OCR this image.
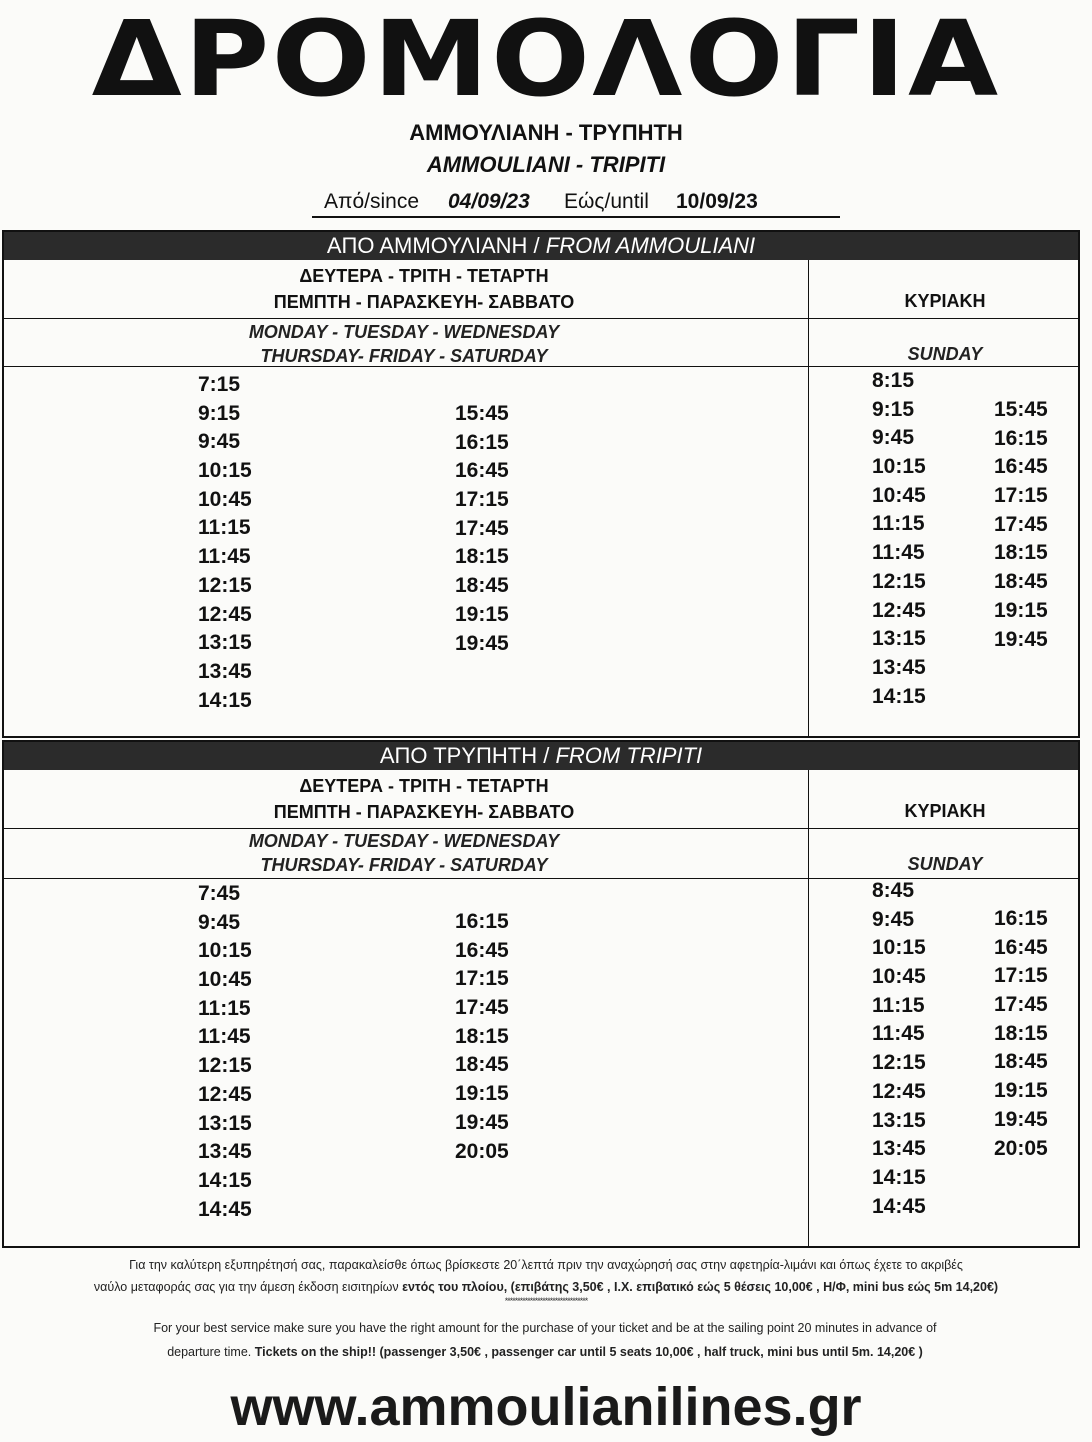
ΔΡΟΜΟΛΟΓΙΑ
ΑΜΜΟΥΛΙΑΝΗ - ΤΡΥΠΗΤΗ
AMMOULIANI - TRIPITI
Από/since 04/09/23 Εώς/until 10/09/23
ΑΠΟ ΑΜΜΟΥΛΙΑΝΗ / FROM AMMOULIANI
ΔΕΥΤΕΡΑ - ΤΡΙΤΗ - ΤΕΤΑΡΤΗ
ΠΕΜΠΤΗ - ΠΑΡΑΣΚΕΥΗ- ΣΑΒΒΑΤΟ
MONDAY - TUESDAY - WEDNESDAY
THURSDAY- FRIDAY - SATURDAY
ΚΥΡΙΑΚΗ
SUNDAY
7:15
9:15
9:45
10:15
10:45
11:15
11:45
12:15
12:45
13:15
13:45
14:15
15:45
16:15
16:45
17:15
17:45
18:15
18:45
19:15
19:45
8:15
9:15
9:45
10:15
10:45
11:15
11:45
12:15
12:45
13:15
13:45
14:15
15:45
16:15
16:45
17:15
17:45
18:15
18:45
19:15
19:45
ΑΠΟ ΤΡΥΠΗΤΗ / FROM TRIPITI
ΔΕΥΤΕΡΑ - ΤΡΙΤΗ - ΤΕΤΑΡΤΗ
ΠΕΜΠΤΗ - ΠΑΡΑΣΚΕΥΗ- ΣΑΒΒΑΤΟ
MONDAY - TUESDAY - WEDNESDAY
THURSDAY- FRIDAY - SATURDAY
ΚΥΡΙΑΚΗ
SUNDAY
7:45
9:45
10:15
10:45
11:15
11:45
12:15
12:45
13:15
13:45
14:15
14:45
16:15
16:45
17:15
17:45
18:15
18:45
19:15
19:45
20:05
8:45
9:45
10:15
10:45
11:15
11:45
12:15
12:45
13:15
13:45
14:15
14:45
16:15
16:45
17:15
17:45
18:15
18:45
19:15
19:45
20:05
Για την καλύτερη εξυπηρέτησή σας, παρακαλείσθε όπως βρίσκεστε 20΄λεπτά πριν την αναχώρησή σας στην αφετηρία-λιμάνι και όπως έχετε το ακριβές
ναύλο μεταφοράς σας για την άμεση έκδοση εισιτηρίων εντός του πλοίου, (επιβάτης 3,50€ , Ι.Χ. επιβατικό εώς 5 θέσεις 10,00€ , Η/Φ, mini bus εώς 5m 14,20€)
*********************************
For your best service make sure you have the right amount for the purchase of your ticket and be at the sailing point 20 minutes in advance of
departure time. Tickets on the ship!! (passenger 3,50€ , passenger car until 5 seats 10,00€ , half truck, mini bus until 5m. 14,20€ )
www.ammoulianilines.gr
